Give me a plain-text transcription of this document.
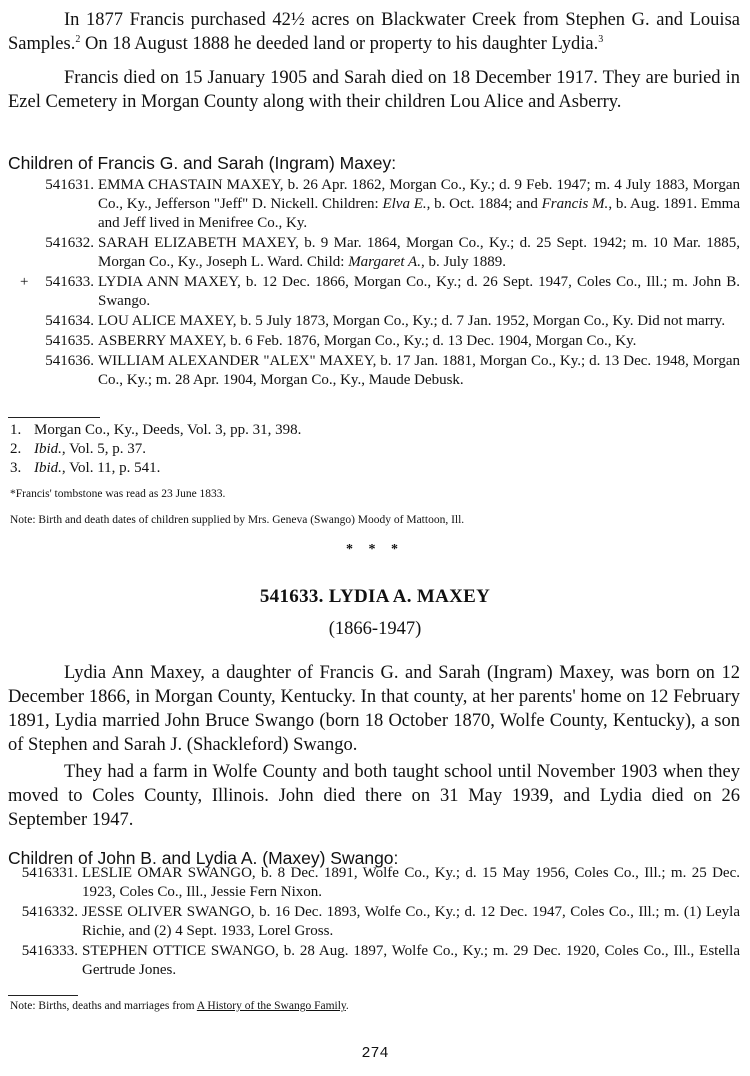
In 1877 Francis purchased 42½ acres on Blackwater Creek from Stephen G. and Louisa Samples.$^2$ On 18 August 1888 he deeded land or property to his daughter Lydia.$^3$

Francis died on 15 January 1905 and Sarah died on 18 December 1917. They are buried in Ezel Cemetery in Morgan County along with their children Lou Alice and Asberry.

Children of Francis G. and Sarah (Ingram) Maxey:

541631. EMMA CHASTAIN MAXEY, b. 26 Apr. 1862, Morgan Co., Ky.; d. 9 Feb. 1947; m. 4 July 1883, Morgan Co., Ky., Jefferson "Jeff" D. Nickell. Children: Elva E., b. Oct. 1884; and Francis M., b. Aug. 1891. Emma and Jeff lived in Menifree Co., Ky.
541632. SARAH ELIZABETH MAXEY, b. 9 Mar. 1864, Morgan Co., Ky.; d. 25 Sept. 1942; m. 10 Mar. 1885, Morgan Co., Ky., Joseph L. Ward. Child: Margaret A., b. July 1889.
+	541633. LYDIA ANN MAXEY, b. 12 Dec. 1866, Morgan Co., Ky.; d. 26 Sept. 1947, Coles Co., Ill.; m. John B. Swango.
541634. LOU ALICE MAXEY, b. 5 July 1873, Morgan Co., Ky.; d. 7 Jan. 1952, Morgan Co., Ky. Did not marry.
541635. ASBERRY MAXEY, b. 6 Feb. 1876, Morgan Co., Ky.; d. 13 Dec. 1904, Morgan Co., Ky.
541636. WILLIAM ALEXANDER "ALEX" MAXEY, b. 17 Jan. 1881, Morgan Co., Ky.; d. 13 Dec. 1948, Morgan Co., Ky.; m. 28 Apr. 1904, Morgan Co., Ky., Maude Debusk.

1. Morgan Co., Ky., Deeds, Vol. 3, pp. 31, 398.

2. Ibid., Vol. 5, p. 37.

3. Ibid., Vol. 11, p. 541.

*Francis' tombstone was read as 23 June 1833.

Note: Birth and death dates of children supplied by Mrs. Geneva (Swango) Moody of Mattoon, Ill.

* * *

541633. LYDIA A. MAXEY

(1866-1947)

Lydia Ann Maxey, a daughter of Francis G. and Sarah (Ingram) Maxey, was born on 12 December 1866, in Morgan County, Kentucky. In that county, at her parents' home on 12 February 1891, Lydia married John Bruce Swango (born 18 October 1870, Wolfe County, Kentucky), a son of Stephen and Sarah J. (Shackleford) Swango.

They had a farm in Wolfe County and both taught school until November 1903 when they moved to Coles County, Illinois. John died there on 31 May 1939, and Lydia died on 26 September 1947.

Children of John B. and Lydia A. (Maxey) Swango:

5416331. LESLIE OMAR SWANGO, b. 8 Dec. 1891, Wolfe Co., Ky.; d. 15 May 1956, Coles Co., Ill.; m. 25 Dec. 1923, Coles Co., Ill., Jessie Fern Nixon.
5416332. JESSE OLIVER SWANGO, b. 16 Dec. 1893, Wolfe Co., Ky.; d. 12 Dec. 1947, Coles Co., Ill.; m. (1) Leyla Richie, and (2) 4 Sept. 1933, Lorel Gross.
5416333. STEPHEN OTTICE SWANGO, b. 28 Aug. 1897, Wolfe Co., Ky.; m. 29 Dec. 1920, Coles Co., Ill., Estella Gertrude Jones.

Note: Births, deaths and marriages from A History of the Swango Family.

274
